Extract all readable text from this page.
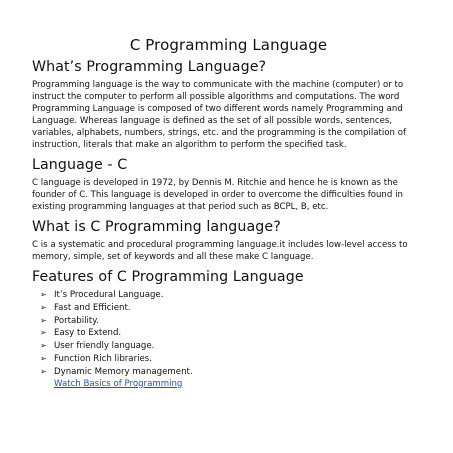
C Programming Language
What’s Programming Language?

Programming language is the way to communicate with the machine (computer) or to instruct the computer to perform all possible algorithms and computations. The word Programming Language is composed of two different words namely Programming and Language. Whereas language is defined as the set of all possible words, sentences, variables, alphabets, numbers, strings, etc. and the programming is the compilation of instruction, literals that make an algorithm to perform the specified task.

Language - C

C language is developed in 1972, by Dennis M. Ritchie and hence he is known as the founder of C. This language is developed in order to overcome the difficulties found in existing programming languages at that period such as BCPL, B, etc.

What is C Programming language?

C is a systematic and procedural programming language.it includes low-level access to memory, simple, set of keywords and all these make C language.

Features of C Programming Language
➢ It’s Procedural Language.
➢ Fast and Efficient.
➢ Portability.
➢ Easy to Extend.
➢ User friendly language.
➢ Function Rich libraries.
➢ Dynamic Memory management.
Watch Basics of Programming
